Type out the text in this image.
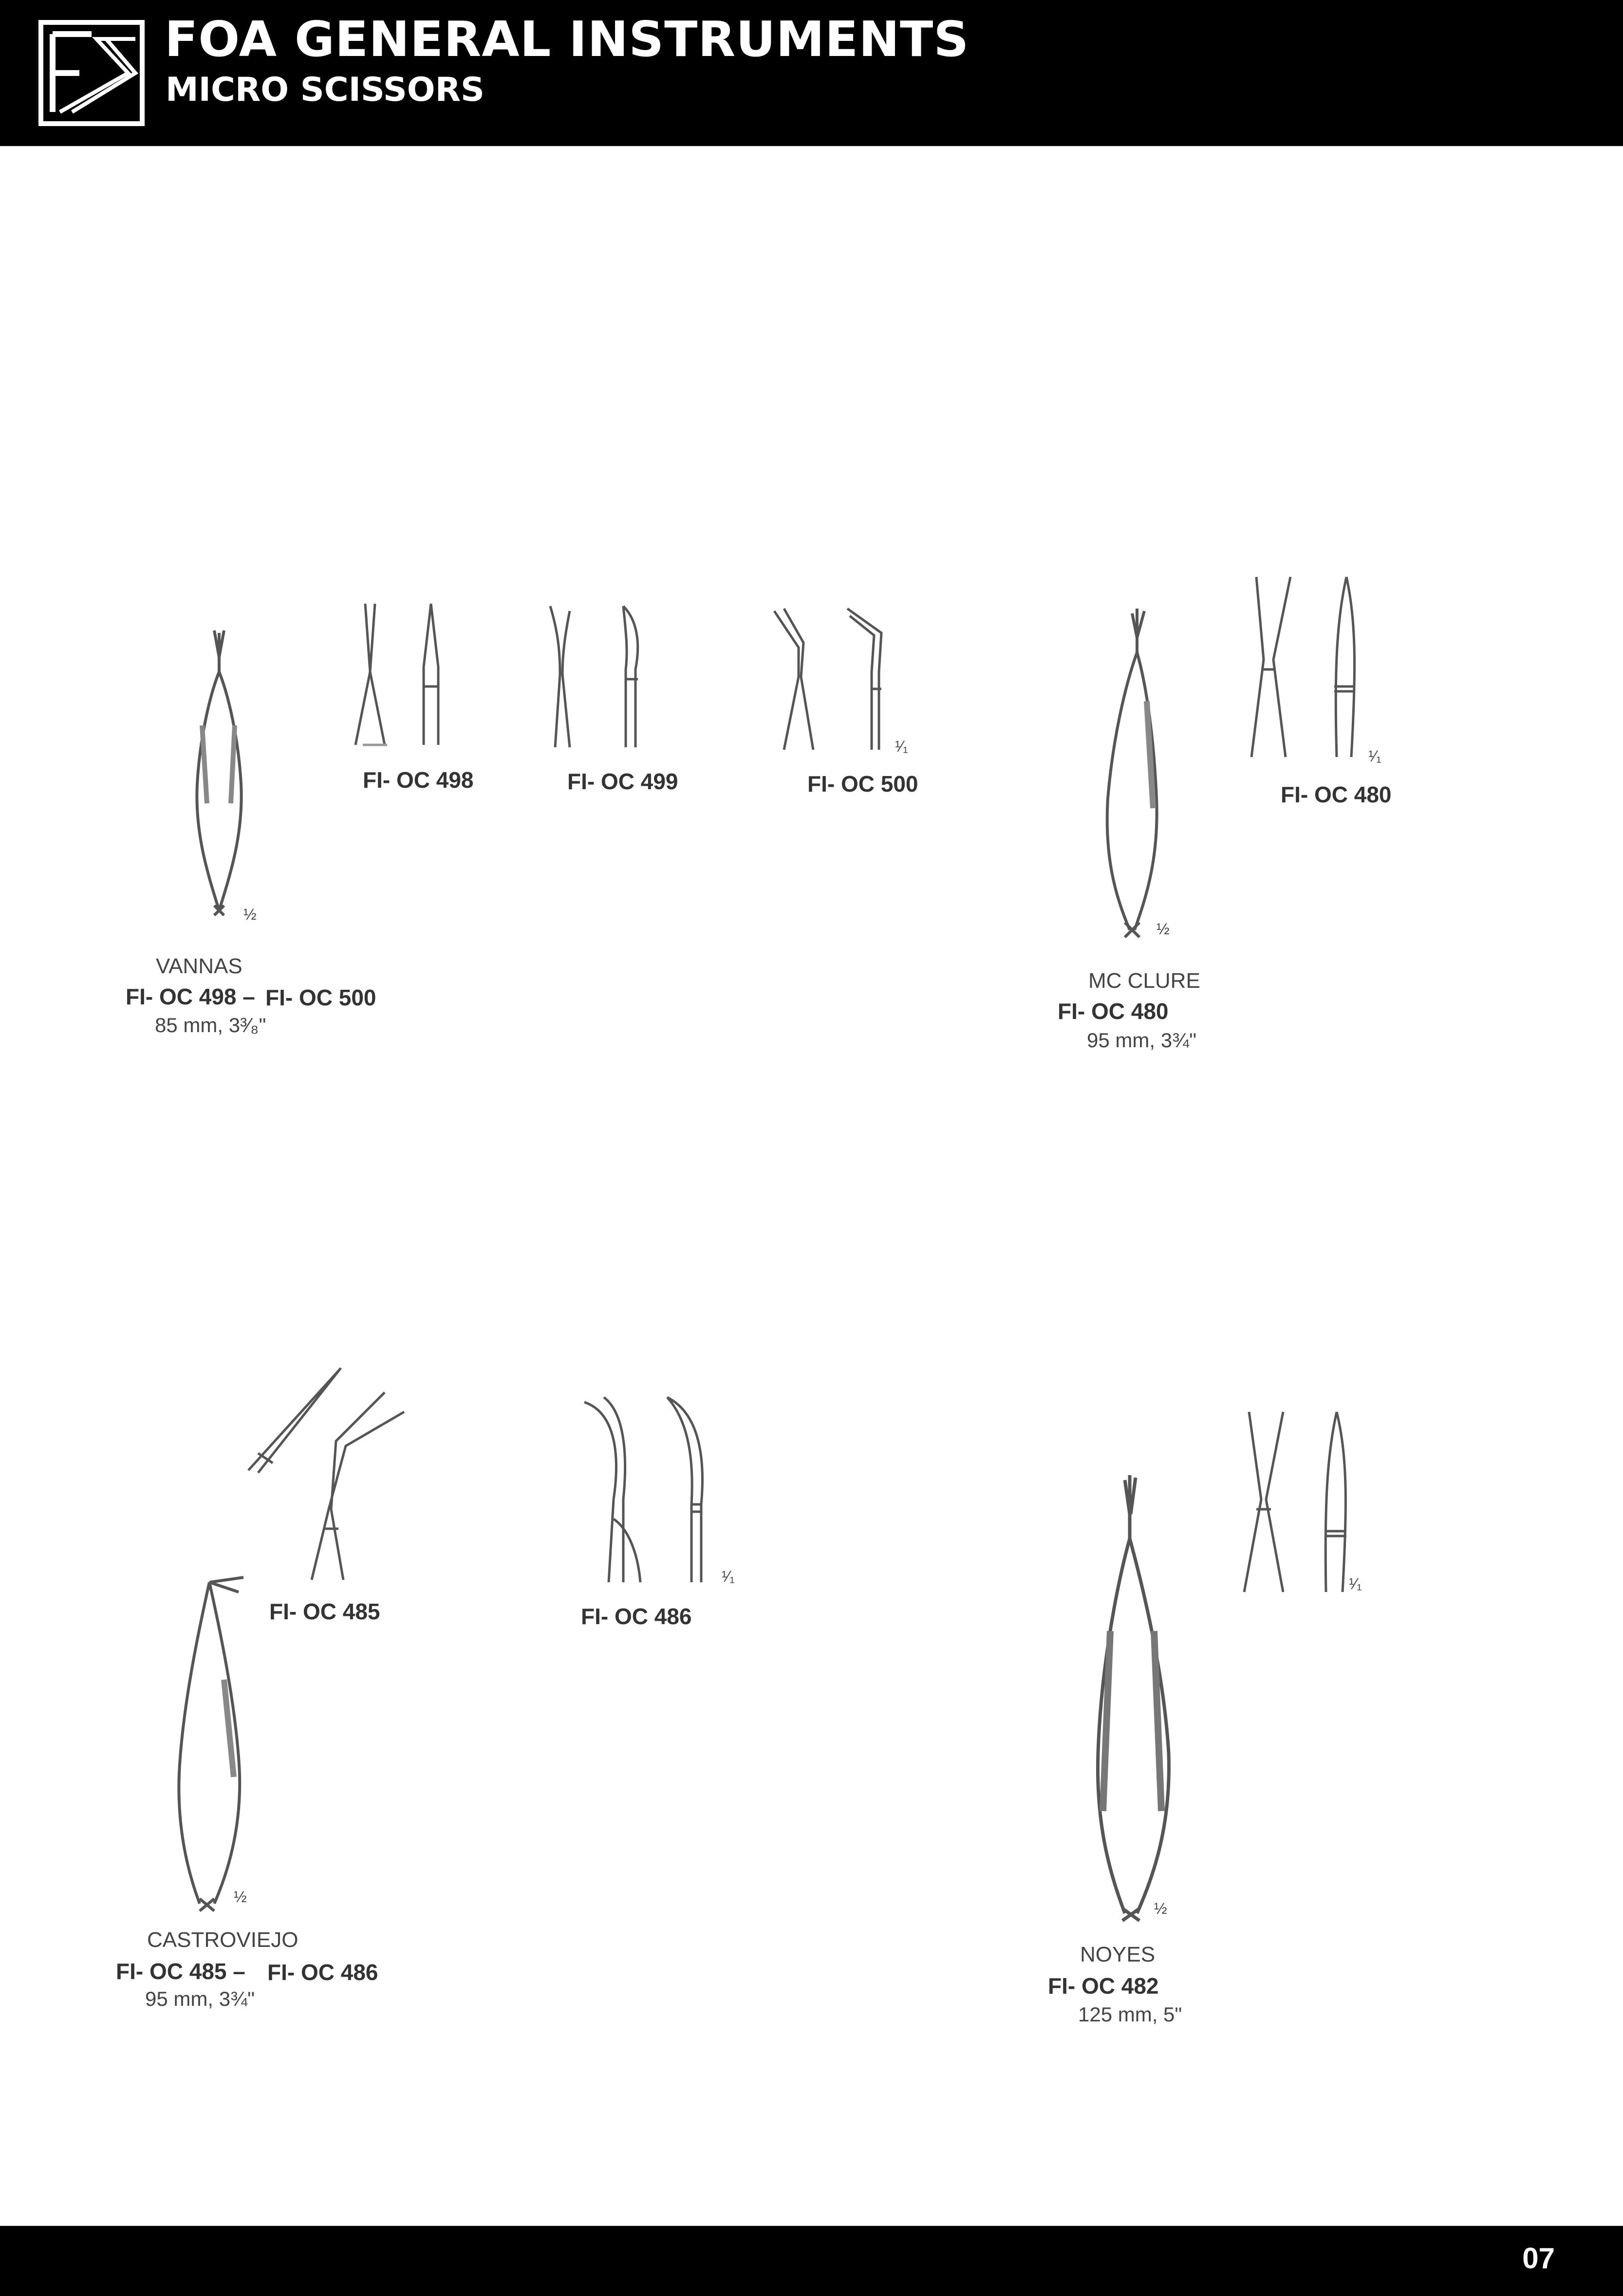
FOA GENERAL INSTRUMENTS
MICRO SCISSORS
½
FI- OC 498	FI- OC 499
¹⁄₁
FI- OC 500
VANNAS
FI- OC 498 – FI- OC 500
85 mm, 3³⁄₈"
½
¹⁄₁
FI- OC 480
MC CLURE
FI- OC 480
95 mm, 3¾"
FI- OC 485
½
¹⁄₁
FI- OC 486
CASTROVIEJO
FI- OC 485 – FI- OC 486
95 mm, 3¾"
½
¹⁄₁
NOYES
FI- OC 482
125 mm, 5"
07
